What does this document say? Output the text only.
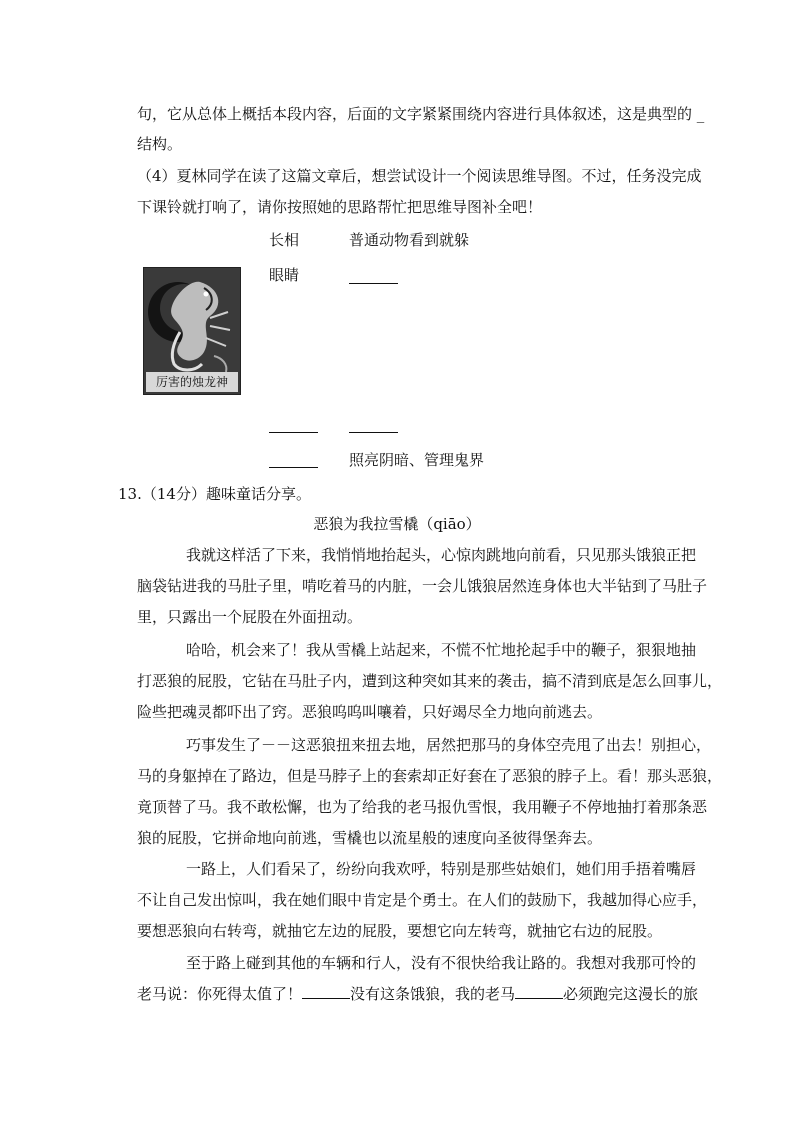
句，它从总体上概括本段内容，后面的文字紧紧围绕内容进行具体叙述，这是典型的 _
结构。
（4）夏林同学在读了这篇文章后，想尝试设计一个阅读思维导图。不过，任务没完成
下课铃就打响了，请你按照她的思路帮忙把思维导图补全吧！
长相	普通动物看到就躲
眼睛
厉害的烛龙神
照亮阴暗、管理鬼界
13.（14分）趣味童话分享。
恶狼为我拉雪橇（qiāo）
我就这样活了下来，我悄悄地抬起头，心惊肉跳地向前看，只见那头饿狼正把
脑袋钻进我的马肚子里，啃吃着马的内脏，一会儿饿狼居然连身体也大半钻到了马肚子
里，只露出一个屁股在外面扭动。
哈哈，机会来了！我从雪橇上站起来，不慌不忙地抡起手中的鞭子，狠狠地抽
打恶狼的屁股，它钻在马肚子内，遭到这种突如其来的袭击，搞不清到底是怎么回事儿，
险些把魂灵都吓出了窍。恶狼呜呜叫嚷着，只好竭尽全力地向前逃去。
巧事发生了－－这恶狼扭来扭去地，居然把那马的身体空壳甩了出去！别担心，
马的身躯掉在了路边，但是马脖子上的套索却正好套在了恶狼的脖子上。看！那头恶狼，
竟顶替了马。我不敢松懈，也为了给我的老马报仇雪恨，我用鞭子不停地抽打着那条恶
狼的屁股，它拼命地向前逃，雪橇也以流星般的速度向圣彼得堡奔去。
一路上，人们看呆了，纷纷向我欢呼，特别是那些姑娘们，她们用手捂着嘴唇
不让自己发出惊叫，我在她们眼中肯定是个勇士。在人们的鼓励下，我越加得心应手，
要想恶狼向右转弯，就抽它左边的屁股，要想它向左转弯，就抽它右边的屁股。
至于路上碰到其他的车辆和行人，没有不很快给我让路的。我想对我那可怜的
老马说：你死得太值了！	没有这条饿狼，我的老马	必须跑完这漫长的旅
